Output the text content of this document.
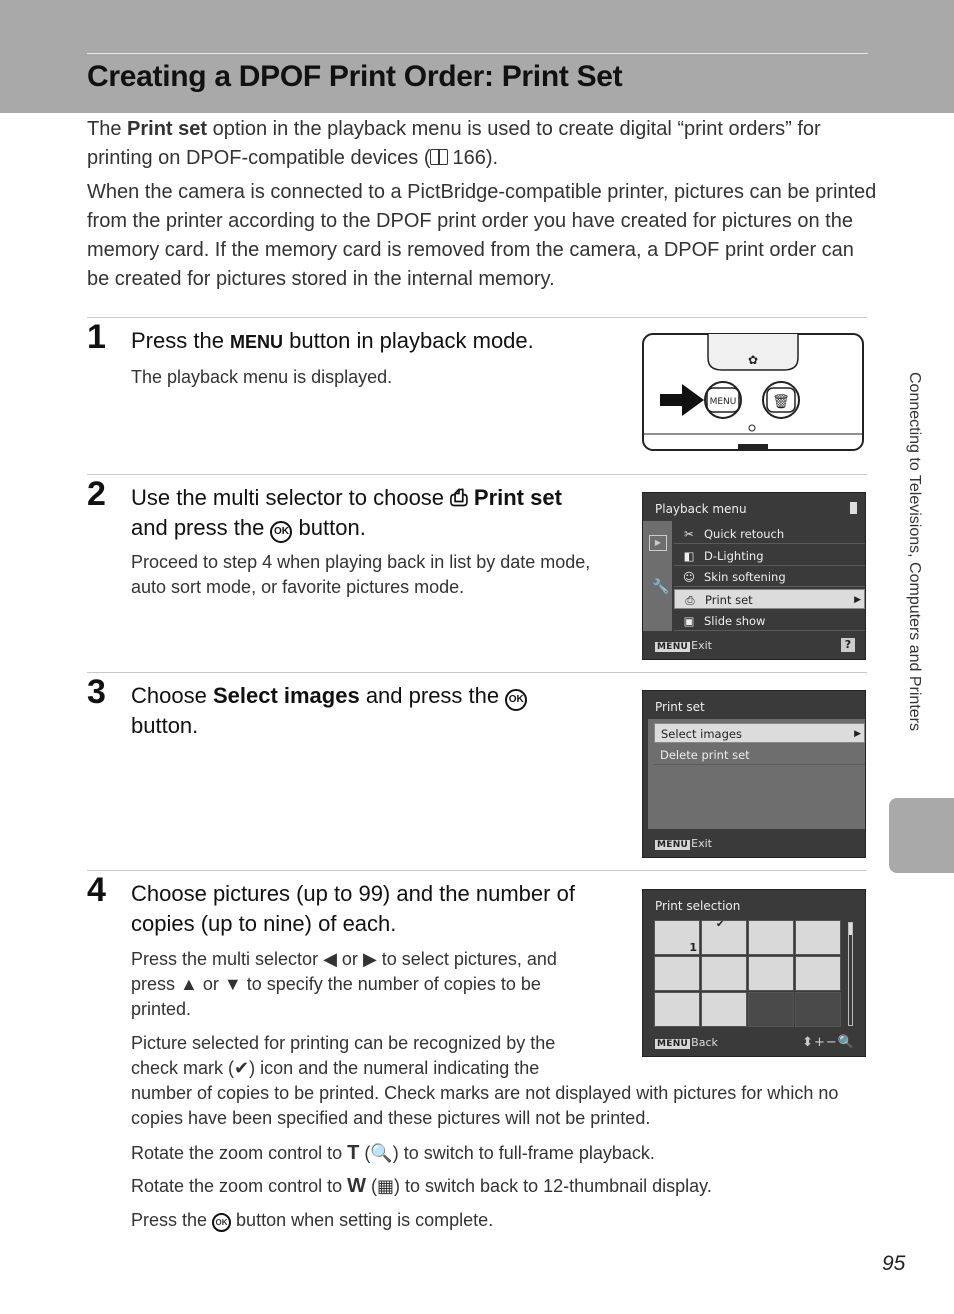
Creating a DPOF Print Order: Print Set
The Print set option in the playback menu is used to create digital “print orders” for printing on DPOF-compatible devices ( 166).
When the camera is connected to a PictBridge-compatible printer, pictures can be printed from the printer according to the DPOF print order you have created for pictures on the memory card. If the memory card is removed from the camera, a DPOF print order can be created for pictures stored in the internal memory.
1 Press the MENU button in playback mode.
The playback menu is displayed.
✿
MENU	🗑
2 Use the multi selector to choose ⎙ Print set
and press the OK button.
Proceed to step 4 when playing back in list by date mode, auto sort mode, or favorite pictures mode.
Playback menu
▶
🔧
✂ Quick retouch
◧ D-Lighting
☺ Skin softening
⎙ Print set	▶
▣ Slide show
MENU Exit	?
3 Choose Select images and press the OK
button.
Print set
Select images	▶
Delete print set
MENU Exit
4 Choose pictures (up to 99) and the number of copies (up to nine) of each.
Press the multi selector ◀ or ▶ to select pictures, and
press ▲ or ▼ to specify the number of copies to be
printed.
Picture selected for printing can be recognized by the
check mark (✔) icon and the numeral indicating the
number of copies to be printed. Check marks are not displayed with pictures for which no copies have been specified and these pictures will not be printed.
Rotate the zoom control to T (🔍) to switch to full-frame playback.
Rotate the zoom control to W (▦) to switch back to 12-thumbnail display.
Press the OK button when setting is complete.
Print selection
1
✔
MENU Back	⬍+−🔍
Connecting to Televisions, Computers and Printers
95
